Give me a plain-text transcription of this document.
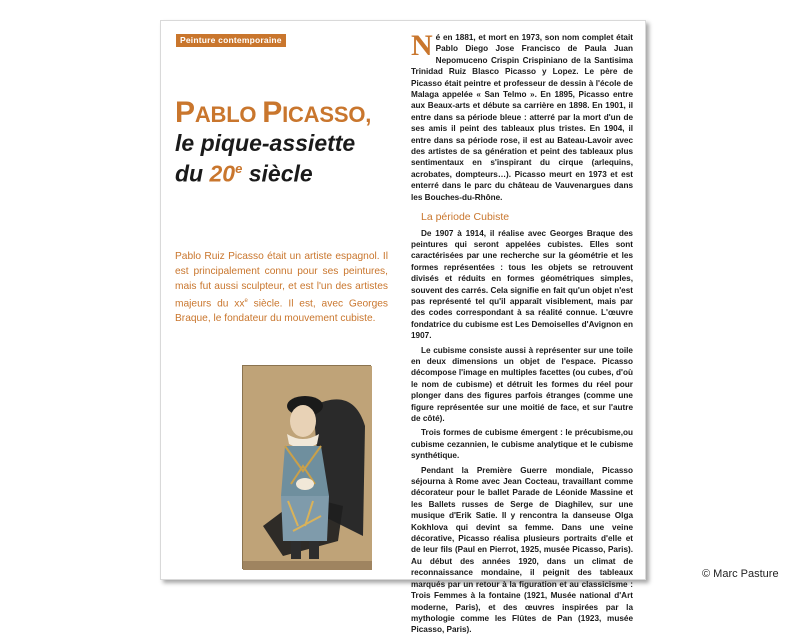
Peinture contemporaine
PABLO PICASSO,
le pique-assiette
du 20e siècle
Pablo Ruiz Picasso était un artiste espagnol. Il est principalement connu pour ses peintures, mais fut aussi sculpteur, et est l'un des artistes majeurs du $xx^e$ siècle. Il est, avec Georges Braque, le fondateur du mouvement cubiste.

Né en 1881, et mort en 1973, son nom complet était Pablo Diego Jose Francisco de Paula Juan Nepomuceno Crispin Crispiniano de la Santisima Trinidad Ruiz Blasco Picasso y Lopez. Le père de Picasso était peintre et professeur de dessin à l'école de Malaga appelée « San Telmo ». En 1895, Picasso entre aux Beaux-arts et débute sa carrière en 1898. En 1901, il entre dans sa période bleue : atterré par la mort d'un de ses amis il peint des tableaux plus tristes. En 1904, il entre dans sa période rose, il est au Bateau-Lavoir avec des artistes de sa génération et peint des tableaux plus sentimentaux en s'inspirant du cirque (arlequins, acrobates, dompteurs…). Picasso meurt en 1973 et est enterré dans le parc du château de Vauvenargues dans les Bouches-du-Rhône.

La période Cubiste

De 1907 à 1914, il réalise avec Georges Braque des peintures qui seront appelées cubistes. Elles sont caractérisées par une recherche sur la géométrie et les formes représentées : tous les objets se retrouvent divisés et réduits en formes géométriques simples, souvent des carrés. Cela signifie en fait qu'un objet n'est pas représenté tel qu'il apparaît visiblement, mais par des codes correspondant à sa réalité connue. L'œuvre fondatrice du cubisme est Les Demoiselles d'Avignon en 1907.

Le cubisme consiste aussi à représenter sur une toile en deux dimensions un objet de l'espace. Picasso décompose l'image en multiples facettes (ou cubes, d'où le nom de cubisme) et détruit les formes du réel pour plonger dans des figures parfois étranges (comme une figure représentée sur une moitié de face, et sur l'autre de côté).

Trois formes de cubisme émergent : le précubisme,ou cubisme cezannien, le cubisme analytique et le cubisme synthétique.

Pendant la Première Guerre mondiale, Picasso séjourna à Rome avec Jean Cocteau, travaillant comme décorateur pour le ballet Parade de Léonide Massine et les Ballets russes de Serge de Diaghilev, sur une musique d'Erik Satie. Il y rencontra la danseuse Olga Kokhlova qui devint sa femme. Dans une veine décorative, Picasso réalisa plusieurs portraits d'elle et de leur fils (Paul en Pierrot, 1925, musée Picasso, Paris). Au début des années 1920, dans un climat de reconnaissance mondaine, il peignit des tableaux marqués par un retour à la figuration et au classicisme : Trois Femmes à la fontaine (1921, Musée national d'Art moderne, Paris), et des œuvres inspirées par la mythologie comme les Flûtes de Pan (1923, musée Picasso, Paris).

© Marc Pasture
